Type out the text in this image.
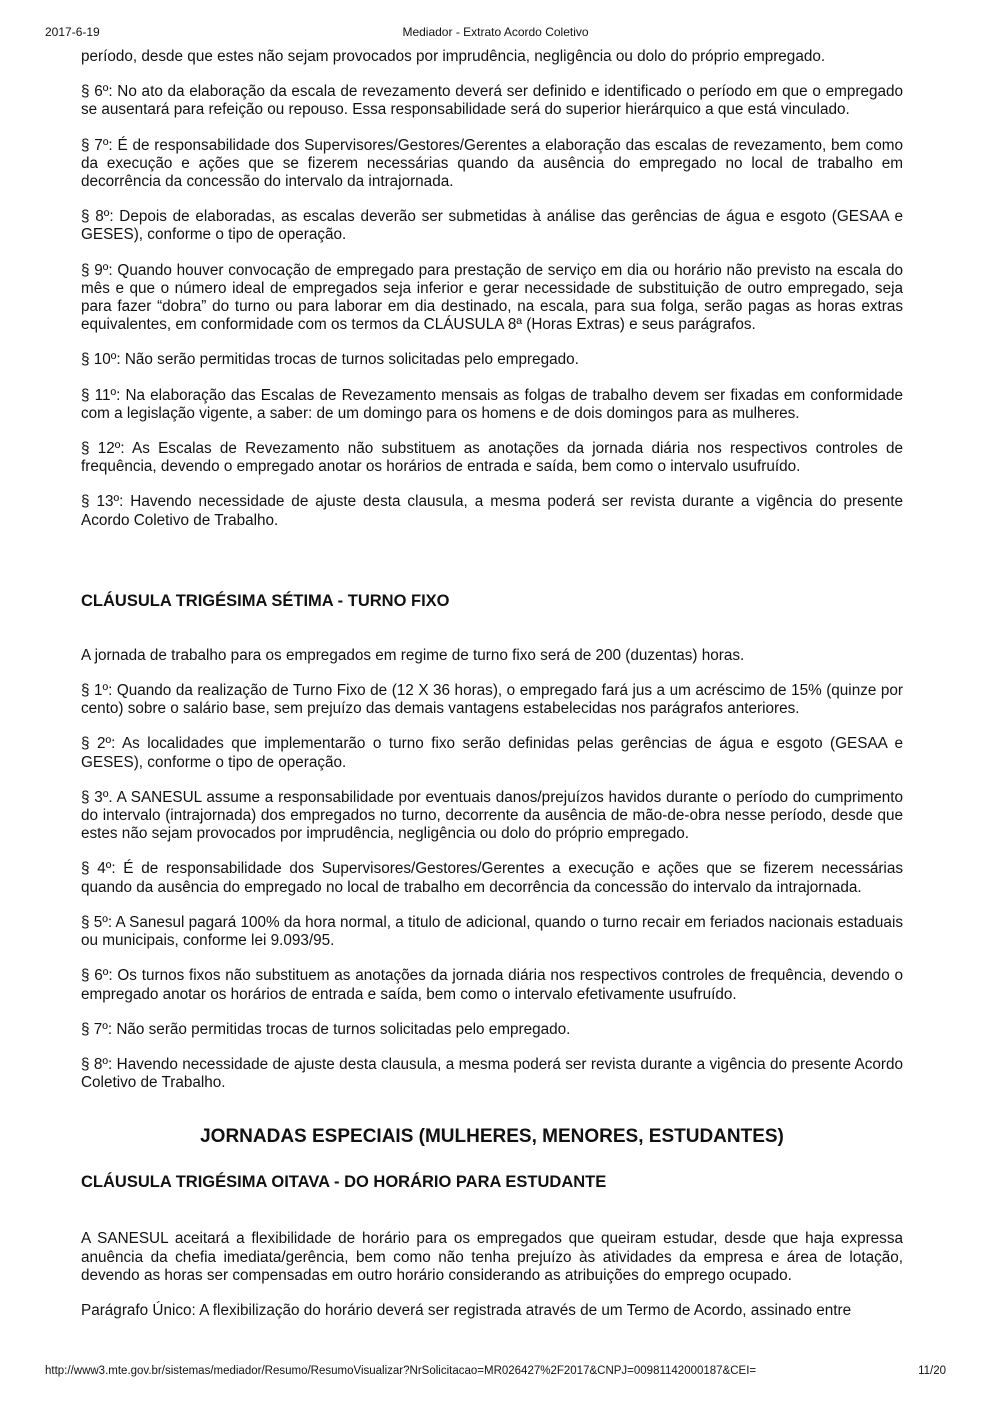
2017-6-19	Mediador - Extrato Acordo Coletivo

período, desde que estes não sejam provocados por imprudência, negligência ou dolo do próprio empregado.

§ 6º: No ato da elaboração da escala de revezamento deverá ser definido e identificado o período em que o empregado se ausentará para refeição ou repouso. Essa responsabilidade será do superior hierárquico a que está vinculado.

§ 7º: É de responsabilidade dos Supervisores/Gestores/Gerentes a elaboração das escalas de revezamento, bem como da execução e ações que se fizerem necessárias quando da ausência do empregado no local de trabalho em decorrência da concessão do intervalo da intrajornada.

§ 8º: Depois de elaboradas, as escalas deverão ser submetidas à análise das gerências de água e esgoto (GESAA e GESES), conforme o tipo de operação.

§ 9º: Quando houver convocação de empregado para prestação de serviço em dia ou horário não previsto na escala do mês e que o número ideal de empregados seja inferior e gerar necessidade de substituição de outro empregado, seja para fazer “dobra” do turno ou para laborar em dia destinado, na escala, para sua folga, serão pagas as horas extras equivalentes, em conformidade com os termos da CLÁUSULA 8ª (Horas Extras) e seus parágrafos.

§ 10º: Não serão permitidas trocas de turnos solicitadas pelo empregado.

§ 11º: Na elaboração das Escalas de Revezamento mensais as folgas de trabalho devem ser fixadas em conformidade com a legislação vigente, a saber: de um domingo para os homens e de dois domingos para as mulheres.

§ 12º: As Escalas de Revezamento não substituem as anotações da jornada diária nos respectivos controles de frequência, devendo o empregado anotar os horários de entrada e saída, bem como o intervalo usufruído.

§ 13º: Havendo necessidade de ajuste desta clausula, a mesma poderá ser revista durante a vigência do presente Acordo Coletivo de Trabalho.

CLÁUSULA TRIGÉSIMA SÉTIMA - TURNO FIXO

A jornada de trabalho para os empregados em regime de turno fixo será de 200 (duzentas) horas.

§ 1º: Quando da realização de Turno Fixo de (12 X 36 horas), o empregado fará jus a um acréscimo de 15% (quinze por cento) sobre o salário base, sem prejuízo das demais vantagens estabelecidas nos parágrafos anteriores.

§ 2º: As localidades que implementarão o turno fixo serão definidas pelas gerências de água e esgoto (GESAA e GESES), conforme o tipo de operação.

§ 3º. A SANESUL assume a responsabilidade por eventuais danos/prejuízos havidos durante o período do cumprimento do intervalo (intrajornada) dos empregados no turno, decorrente da ausência de mão-de-obra nesse período, desde que estes não sejam provocados por imprudência, negligência ou dolo do próprio empregado.

§ 4º: É de responsabilidade dos Supervisores/Gestores/Gerentes a execução e ações que se fizerem necessárias quando da ausência do empregado no local de trabalho em decorrência da concessão do intervalo da intrajornada.

§ 5º: A Sanesul pagará 100% da hora normal, a titulo de adicional, quando o turno recair em feriados nacionais estaduais ou municipais, conforme lei 9.093/95.

§ 6º: Os turnos fixos não substituem as anotações da jornada diária nos respectivos controles de frequência, devendo o empregado anotar os horários de entrada e saída, bem como o intervalo efetivamente usufruído.

§ 7º: Não serão permitidas trocas de turnos solicitadas pelo empregado.

§ 8º: Havendo necessidade de ajuste desta clausula, a mesma poderá ser revista durante a vigência do presente Acordo Coletivo de Trabalho.

JORNADAS ESPECIAIS (MULHERES, MENORES, ESTUDANTES)
CLÁUSULA TRIGÉSIMA OITAVA - DO HORÁRIO PARA ESTUDANTE

A SANESUL aceitará a flexibilidade de horário para os empregados que queiram estudar, desde que haja expressa anuência da chefia imediata/gerência, bem como não tenha prejuízo às atividades da empresa e área de lotação, devendo as horas ser compensadas em outro horário considerando as atribuições do emprego ocupado.

Parágrafo Único: A flexibilização do horário deverá ser registrada através de um Termo de Acordo, assinado entre

http://www3.mte.gov.br/sistemas/mediador/Resumo/ResumoVisualizar?NrSolicitacao=MR026427%2F2017&CNPJ=00981142000187&CEI=	11/20
